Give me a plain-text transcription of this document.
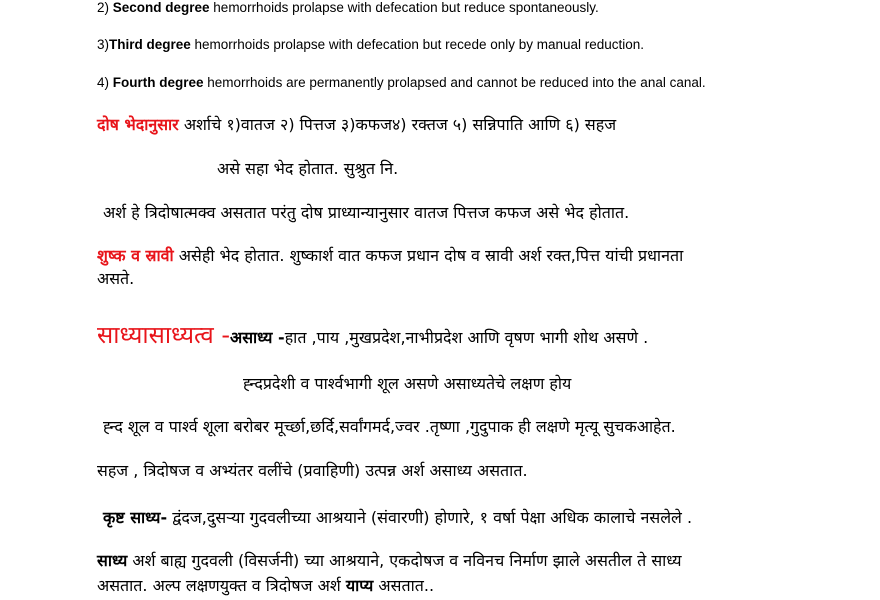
2) Second degree hemorrhoids prolapse with defecation but reduce spontaneously.
3)Third degree hemorrhoids prolapse with defecation but recede only by manual reduction.
4) Fourth degree hemorrhoids are permanently prolapsed and cannot be reduced into the anal canal.
दोष भेदानुसार अर्शाचे १)वातज २) पित्तज ३)कफज४) रक्तज ५) सन्निपाति आणि ६) सहज
असे सहा भेद होतात. सुश्रुत नि.
अर्श हे त्रिदोषात्मक्व असतात परंतु दोष प्राध्यान्यानुसार वातज पित्तज कफज असे भेद होतात.
शुष्क व स्रावी असेही भेद होतात. शुष्कार्श वात कफज प्रधान दोष व स्रावी अर्श रक्त,पित्त यांची प्रधानता
असते.
साध्यासाध्यत्व -असाध्य -हात ,पाय ,मुखप्रदेश,नाभीप्रदेश आणि वृषण भागी शोथ असणे .
ह्न्दप्रदेशी व पार्श्वभागी शूल असणे असाध्यतेचे लक्षण होय
ह्न्द शूल व पार्श्व शूला बरोबर मूर्च्छा,छर्दि,सर्वांगमर्द,ज्वर .तृष्णा ,गुदुपाक ही लक्षणे मृत्यू सुचकआहेत.
सहज , त्रिदोषज व अभ्यंतर वलींचे (प्रवाहिणी) उत्पन्न अर्श असाध्य असतात.
कृष्ट साध्य- द्वंदज,दुसऱ्या गुदवलीच्या आश्रयाने (संवारणी) होणारे, १ वर्षा पेक्षा अधिक कालाचे नसलेले .
साध्य अर्श बाह्य गुदवली (विसर्जनी) च्या आश्रयाने, एकदोषज व नविनच निर्माण झाले असतील ते साध्य
असतात. अल्प लक्षणयुक्त व त्रिदोषज अर्श याप्य असतात..
